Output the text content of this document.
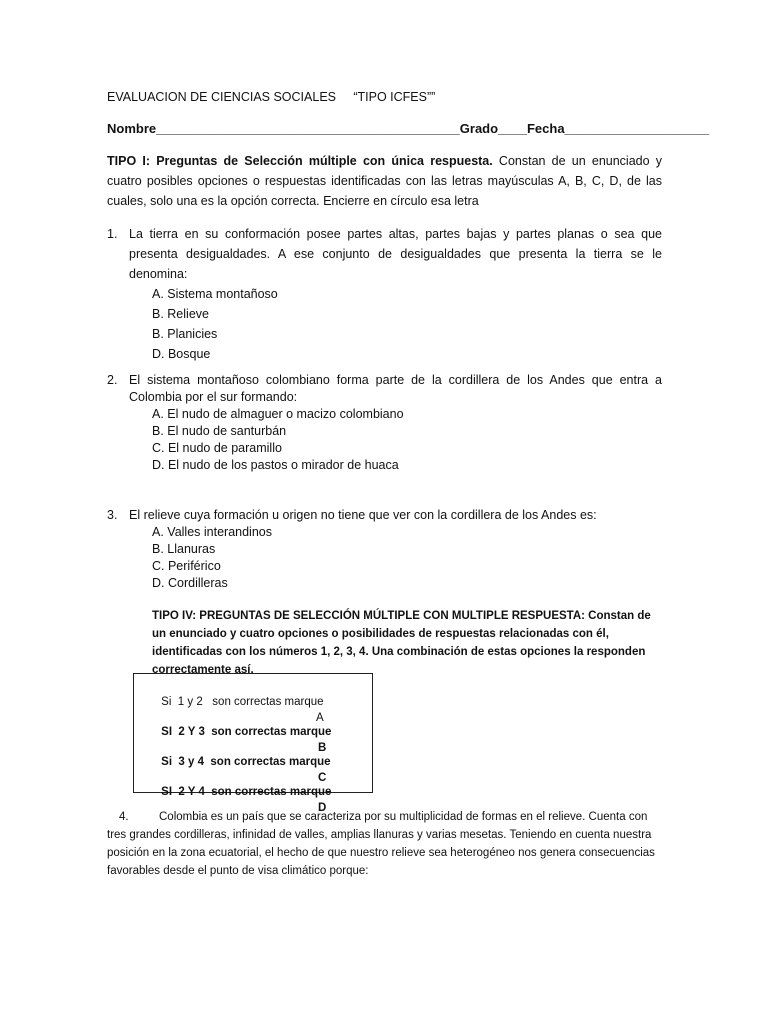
EVALUACION DE CIENCIAS SOCIALES     “TIPO ICFES””
Nombre__________________________________________Grado____Fecha____________________
TIPO I: Preguntas de Selección múltiple con única respuesta. Constan de un enunciado y cuatro posibles opciones o respuestas identificadas con las letras mayúsculas A, B, C, D, de las cuales, solo una es la opción correcta. Encierre en círculo esa letra
1. La tierra en su conformación posee partes altas, partes bajas y partes planas o sea que presenta desigualdades. A ese conjunto de desigualdades que presenta la tierra se le denomina:
A. Sistema montañoso
B. Relieve
B. Planicies
D. Bosque
2. El sistema montañoso colombiano forma parte de la cordillera de los Andes que entra a Colombia por el sur formando:
A. El nudo de almaguer o macizo colombiano
B. El nudo de santurbán
C. El nudo de paramillo
D. El nudo de los pastos o mirador de huaca
3. El relieve cuya formación u origen no tiene que ver con la cordillera de los Andes es:
A. Valles interandinos
B. Llanuras
C. Periférico
D. Cordilleras
TIPO IV: PREGUNTAS DE SELECCIÓN MÚLTIPLE CON MULTIPLE RESPUESTA: Constan de un enunciado y cuatro opciones o posibilidades de respuestas relacionadas con él, identificadas con los números 1, 2, 3, 4. Una combinación de estas opciones la responden correctamente así.

Si  1 y 2   son correctas marque

A

SI  2 Y 3  son correctas marque

B

Si  3 y 4  son correctas marque

C

SI  2 Y 4  son correctas marque

D

4.	Colombia es un país que se caracteriza por su multiplicidad de formas en el relieve. Cuenta con tres grandes cordilleras, infinidad de valles, amplias llanuras y varias mesetas. Teniendo en cuenta nuestra posición en la zona ecuatorial, el hecho de que nuestro relieve sea heterogéneo nos genera consecuencias favorables desde el punto de visa climático porque:
